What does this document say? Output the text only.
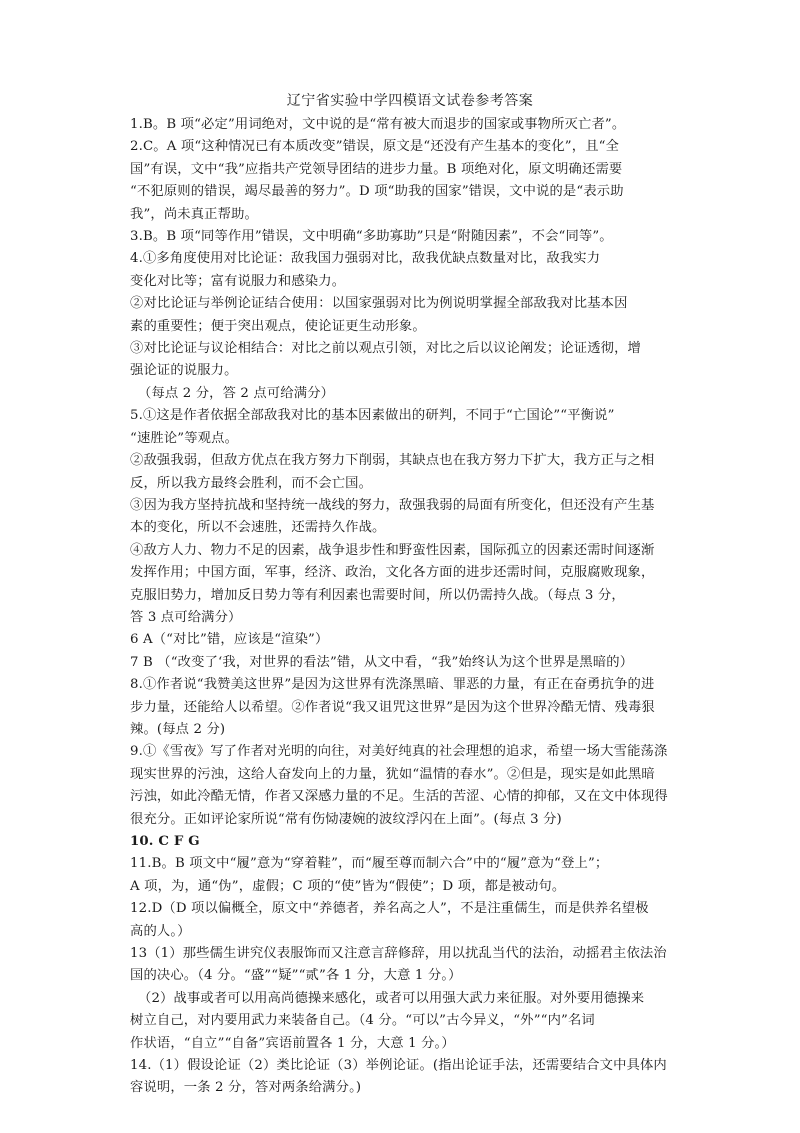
辽宁省实验中学四模语文试卷参考答案
1.B。B 项“必定”用词绝对，文中说的是“常有被大而退步的国家或事物所灭亡者”。
2.C。A 项“这种情况已有本质改变”错误，原文是“还没有产生基本的变化”，且“全
国”有误，文中“我”应指共产党领导团结的进步力量。B 项绝对化，原文明确还需要
“不犯原则的错误，竭尽最善的努力”。D 项“助我的国家”错误，文中说的是“表示助
我”，尚未真正帮助。
3.B。B 项“同等作用”错误，文中明确“多助寡助”只是“附随因素”，不会“同等”。
4.①多角度使用对比论证：敌我国力强弱对比，敌我优缺点数量对比，敌我实力
变化对比等；富有说服力和感染力。
②对比论证与举例论证结合使用：以国家强弱对比为例说明掌握全部敌我对比基本因
素的重要性；便于突出观点，使论证更生动形象。
③对比论证与议论相结合：对比之前以观点引领，对比之后以议论阐发；论证透彻，增
强论证的说服力。
（每点 2 分，答 2 点可给满分）
5.①这是作者依据全部敌我对比的基本因素做出的研判，不同于“亡国论”“平衡说”
“速胜论”等观点。
②敌强我弱，但敌方优点在我方努力下削弱，其缺点也在我方努力下扩大，我方正与之相
反，所以我方最终会胜利，而不会亡国。
③因为我方坚持抗战和坚持统一战线的努力，敌强我弱的局面有所变化，但还没有产生基
本的变化，所以不会速胜，还需持久作战。
④敌方人力、物力不足的因素，战争退步性和野蛮性因素，国际孤立的因素还需时间逐渐
发挥作用；中国方面，军事，经济、政治，文化各方面的进步还需时间，克服腐败现象，
克服旧势力，增加反日势力等有利因素也需要时间，所以仍需持久战。（每点 3 分，
答 3 点可给满分）
6 A（“对比”错，应该是“渲染”）
7 B （“改变了‘我，对世界的看法”错，从文中看，“我”始终认为这个世界是黑暗的）
8.①作者说“我赞美这世界”是因为这世界有洗涤黑暗、罪恶的力量，有正在奋勇抗争的进
步力量，还能给人以希望。②作者说“我又诅咒这世界”是因为这个世界冷酷无情、残毒狠
辣。(每点 2 分)
9.①《雪夜》写了作者对光明的向往，对美好纯真的社会理想的追求，希望一场大雪能荡涤
现实世界的污浊，这给人奋发向上的力量，犹如“温情的春水”。②但是，现实是如此黑暗
污浊，如此冷酷无情，作者又深感力量的不足。生活的苦涩、心情的抑郁，又在文中体现得
很充分。正如评论家所说“常有伤恸凄婉的波纹浮闪在上面”。(每点 3 分)
10. C F G
11.B。B 项文中“履”意为“穿着鞋”，而“履至尊而制六合”中的“履”意为“登上”；
A 项，为，通“伪”，虚假；C 项的“使”皆为“假使”；D 项，都是被动句。
12.D（D 项以偏概全，原文中“养德者，养名高之人”，不是注重儒生，而是供养名望极
高的人。）
13（1）那些儒生讲究仪表服饰而又注意言辞修辞，用以扰乱当代的法治，动摇君主依法治
国的决心。（4 分。“盛”“疑”“贰”各 1 分，大意 1 分。）
（2）战事或者可以用高尚德操来感化，或者可以用强大武力来征服。对外要用德操来
树立自己，对内要用武力来装备自己。（4 分。“可以”古今异义，“外”“内”名词
作状语，“自立”“自备”宾语前置各 1 分，大意 1 分。）
14.（1）假设论证（2）类比论证（3）举例论证。(指出论证手法，还需要结合文中具体内
容说明，一条 2 分，答对两条给满分。)
